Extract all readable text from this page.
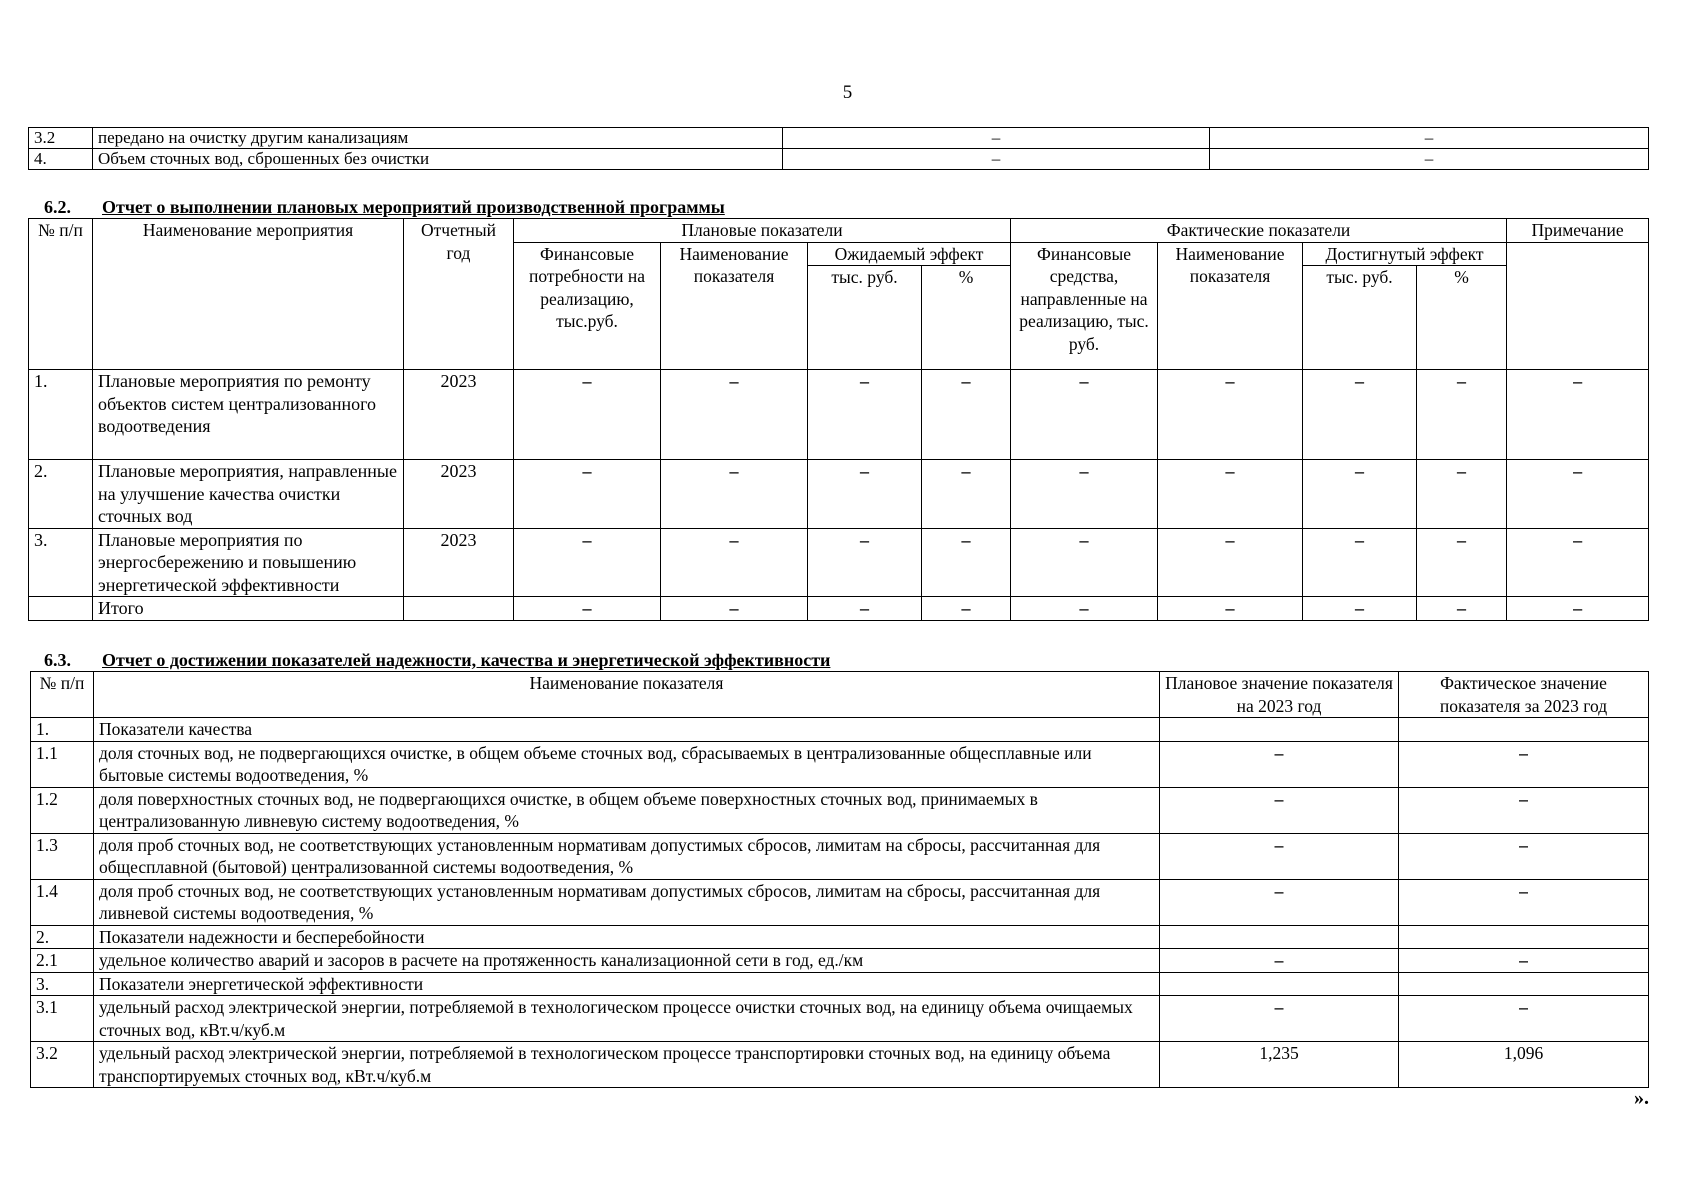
5
3.2	передано на очистку другим канализациям	–	–
4.	Объем сточных вод, сброшенных без очистки	–	–
6.2. Отчет о выполнении плановых мероприятий производственной программы
№ п/п	Наименование мероприятия	Отчетный год	Плановые показатели				Фактические показатели				Примечание
			Финансовые потребности на реализацию, тыс.руб.	Наименование показателя	Ожидаемый эффект		Финансовые средства, направленные на реализацию, тыс. руб.	Наименование показателя	Достигнутый эффект		
					тыс. руб.	%			тыс. руб.	%	
1.	Плановые мероприятия по ремонту объектов систем централизованного водоотведения	2023	–	–	–	–	–	–	–	–	–
2.	Плановые мероприятия, направленные на улучшение качества очистки сточных вод	2023	–	–	–	–	–	–	–	–	–
3.	Плановые мероприятия по энергосбережению и повышению энергетической эффективности	2023	–	–	–	–	–	–	–	–	–
	Итого		–	–	–	–	–	–	–	–	–
6.3. Отчет о достижении показателей надежности, качества и энергетической эффективности
№ п/п	Наименование показателя	Плановое значение показателя на 2023 год	Фактическое значение показателя за 2023 год
1.	Показатели качества		
1.1	доля сточных вод, не подвергающихся очистке, в общем объеме сточных вод, сбрасываемых в централизованные общесплавные или бытовые системы водоотведения, %	–	–
1.2	доля поверхностных сточных вод, не подвергающихся очистке, в общем объеме поверхностных сточных вод, принимаемых в централизованную ливневую систему водоотведения, %	–	–
1.3	доля проб сточных вод, не соответствующих установленным нормативам допустимых сбросов, лимитам на сбросы, рассчитанная для общесплавной (бытовой) централизованной системы водоотведения, %	–	–
1.4	доля проб сточных вод, не соответствующих установленным нормативам допустимых сбросов, лимитам на сбросы, рассчитанная для ливневой системы водоотведения, %	–	–
2.	Показатели надежности и бесперебойности		
2.1	удельное количество аварий и засоров в расчете на протяженность канализационной сети в год, ед./км	–	–
3.	Показатели энергетической эффективности		
3.1	удельный расход электрической энергии, потребляемой в технологическом процессе очистки сточных вод, на единицу объема очищаемых сточных вод, кВт.ч/куб.м	–	–
3.2	удельный расход электрической энергии, потребляемой в технологическом процессе транспортировки сточных вод, на единицу объема транспортируемых сточных вод, кВт.ч/куб.м	1,235	1,096
».
